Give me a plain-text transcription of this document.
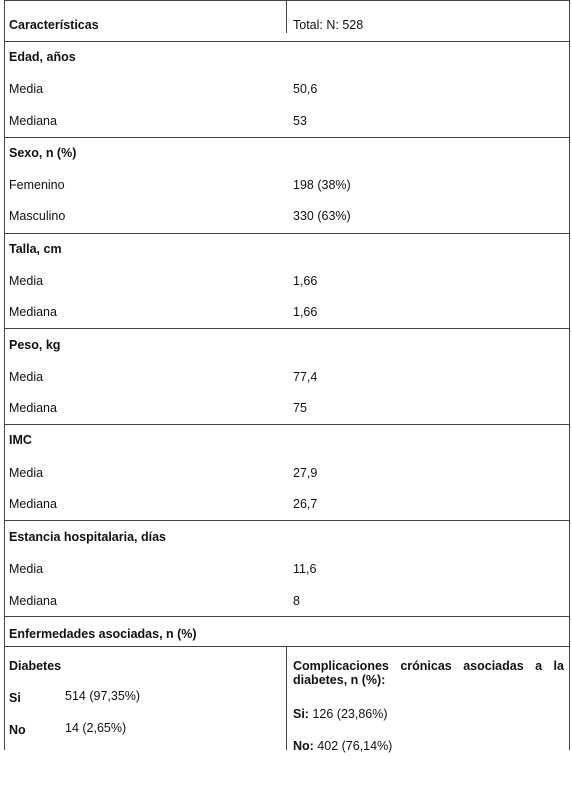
Características	Total: N: 528
Edad, años
Media	50,6
Mediana	53
Sexo, n (%)
Femenino	198 (38%)
Masculino	330 (63%)
Talla, cm
Media	1,66
Mediana	1,66
Peso, kg
Media	77,4
Mediana	75
IMC
Media	27,9
Mediana	26,7
Estancia hospitalaria, días
Media	11,6
Mediana	8
Enfermedades asociadas, n (%)
Diabetes
Si	514 (97,35%)
No	14 (2,65%)
Complicaciones crónicas asociadas a la diabetes, n (%):
Si: 126 (23,86%)
No: 402 (76,14%)
